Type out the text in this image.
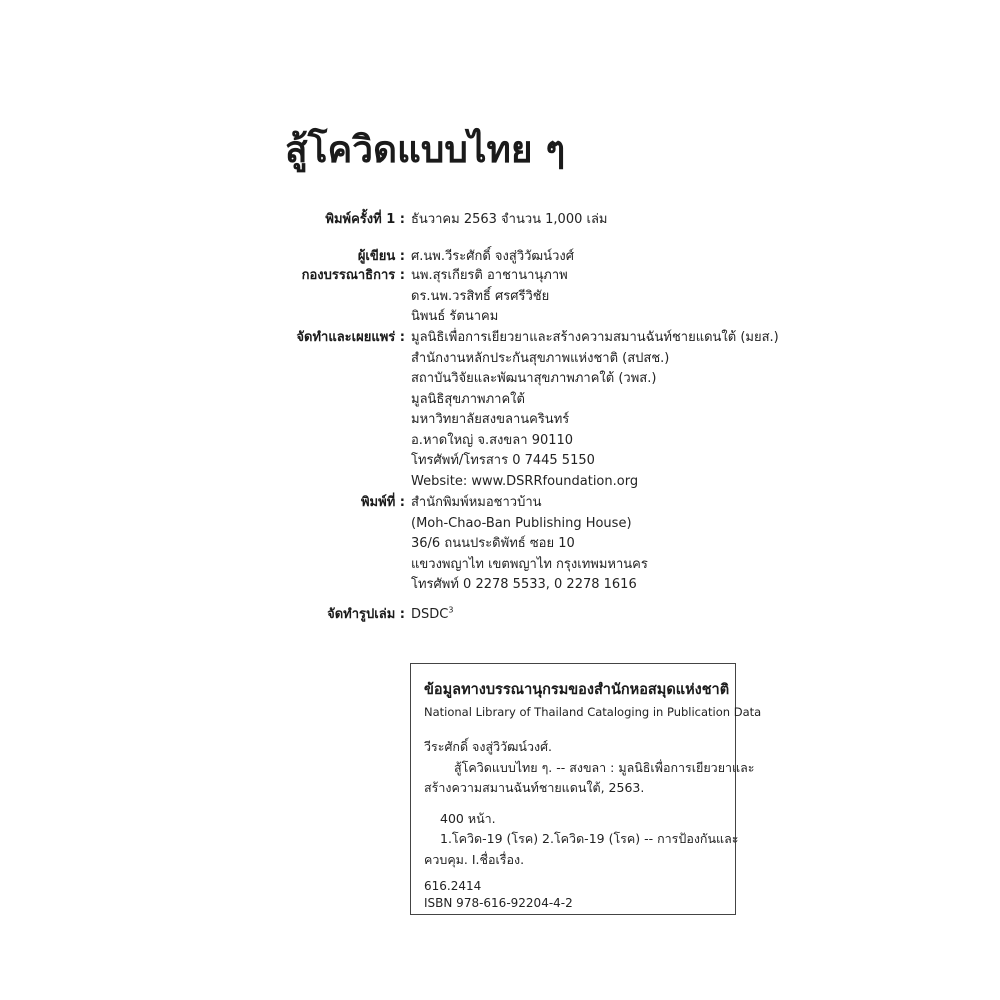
สู้โควิดแบบไทย ๆ
พิมพ์ครั้งที่ 1 : ธันวาคม 2563 จำนวน 1,000 เล่ม
ผู้เขียน : ศ.นพ.วีระศักดิ์ จงสู่วิวัฒน์วงศ์
กองบรรณาธิการ : นพ.สุรเกียรติ อาชานานุภาพ
ดร.นพ.วรสิทธิ์ ศรศรีวิชัย
นิพนธ์ รัตนาคม
จัดทำและเผยแพร่ : มูลนิธิเพื่อการเยียวยาและสร้างความสมานฉันท์ชายแดนใต้ (มยส.)
สำนักงานหลักประกันสุขภาพแห่งชาติ (สปสช.)
สถาบันวิจัยและพัฒนาสุขภาพภาคใต้ (วพส.)
มูลนิธิสุขภาพภาคใต้
มหาวิทยาลัยสงขลานครินทร์
อ.หาดใหญ่ จ.สงขลา 90110
โทรศัพท์/โทรสาร 0 7445 5150
Website: www.DSRRfoundation.org
พิมพ์ที่ : สำนักพิมพ์หมอชาวบ้าน
(Moh-Chao-Ban Publishing House)
36/6 ถนนประดิพัทธ์ ซอย 10
แขวงพญาไท เขตพญาไท กรุงเทพมหานคร
โทรศัพท์ 0 2278 5533, 0 2278 1616
จัดทำรูปเล่ม : DSDC$^3$
ข้อมูลทางบรรณานุกรมของสำนักหอสมุดแห่งชาติ
National Library of Thailand Cataloging in Publication Data
วีระศักดิ์ จงสู่วิวัฒน์วงศ์.
สู้โควิดแบบไทย ๆ. -- สงขลา : มูลนิธิเพื่อการเยียวยาและ
สร้างความสมานฉันท์ชายแดนใต้, 2563.
400 หน้า.
1.โควิด-19 (โรค) 2.โควิด-19 (โรค) -- การป้องกันและ
ควบคุม. I.ชื่อเรื่อง.
616.2414
ISBN 978-616-92204-4-2
